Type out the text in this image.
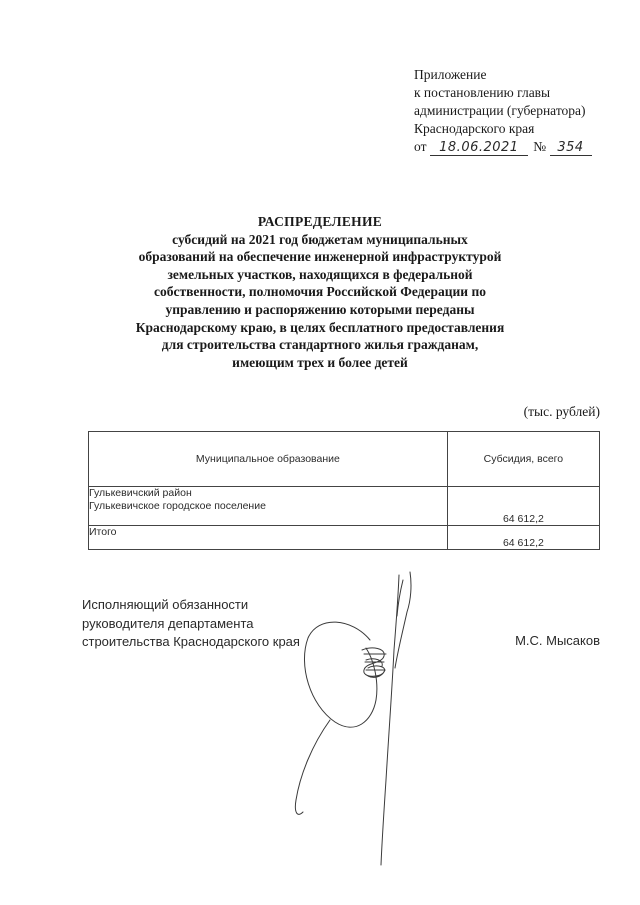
Приложение
к постановлению главы
администрации (губернатора)
Краснодарского края
от 18.06.2021 № 354
РАСПРЕДЕЛЕНИЕ
субсидий на 2021 год бюджетам муниципальных
образований на обеспечение инженерной инфраструктурой
земельных участков, находящихся в федеральной
собственности, полномочия Российской Федерации по
управлению и распоряжению которыми переданы
Краснодарскому краю, в целях бесплатного предоставления
для строительства стандартного жилья гражданам,
имеющим трех и более детей
(тыс. рублей)
Муниципальное образование	Субсидия, всего

Гулькевичский район
Гулькевичское городское поселение	64 612,2
Итого	64 612,2
Исполняющий обязанности
руководителя департамента
строительства Краснодарского края	М.С. Мысаков
